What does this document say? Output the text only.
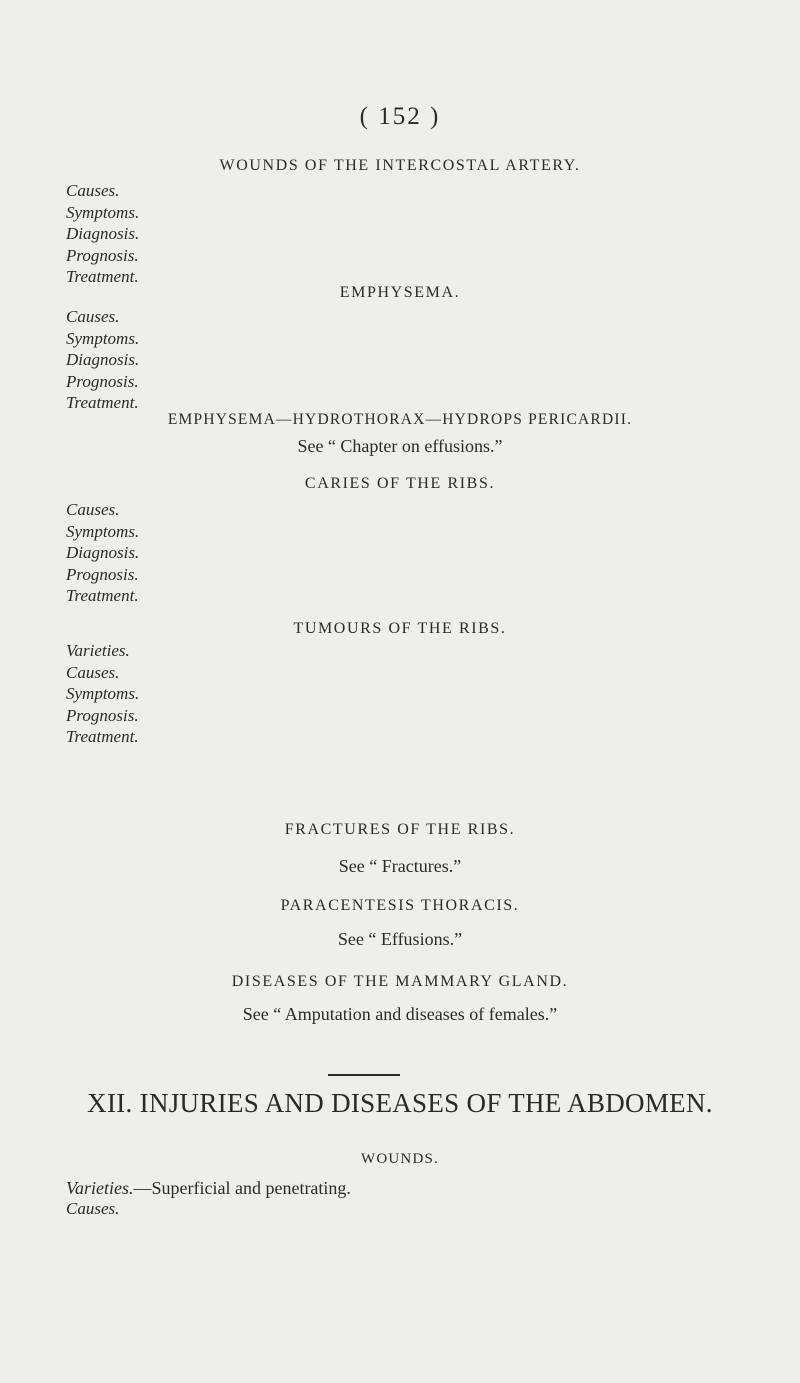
( 152 )
WOUNDS OF THE INTERCOSTAL ARTERY.
Causes.
Symptoms.
Diagnosis.
Prognosis.
Treatment.
EMPHYSEMA.
Causes.
Symptoms.
Diagnosis.
Prognosis.
Treatment.
EMPHYSEMA—HYDROTHORAX—HYDROPS PERICARDII.
See “ Chapter on effusions.”
CARIES OF THE RIBS.
Causes.
Symptoms.
Diagnosis.
Prognosis.
Treatment.
TUMOURS OF THE RIBS.
Varieties.
Causes.
Symptoms.
Prognosis.
Treatment.
FRACTURES OF THE RIBS.
See “ Fractures.”
PARACENTESIS THORACIS.
See “ Effusions.”
DISEASES OF THE MAMMARY GLAND.
See “ Amputation and diseases of females.”
XII. INJURIES AND DISEASES OF THE ABDOMEN.
WOUNDS.
Varieties.—Superficial and penetrating.
Causes.
